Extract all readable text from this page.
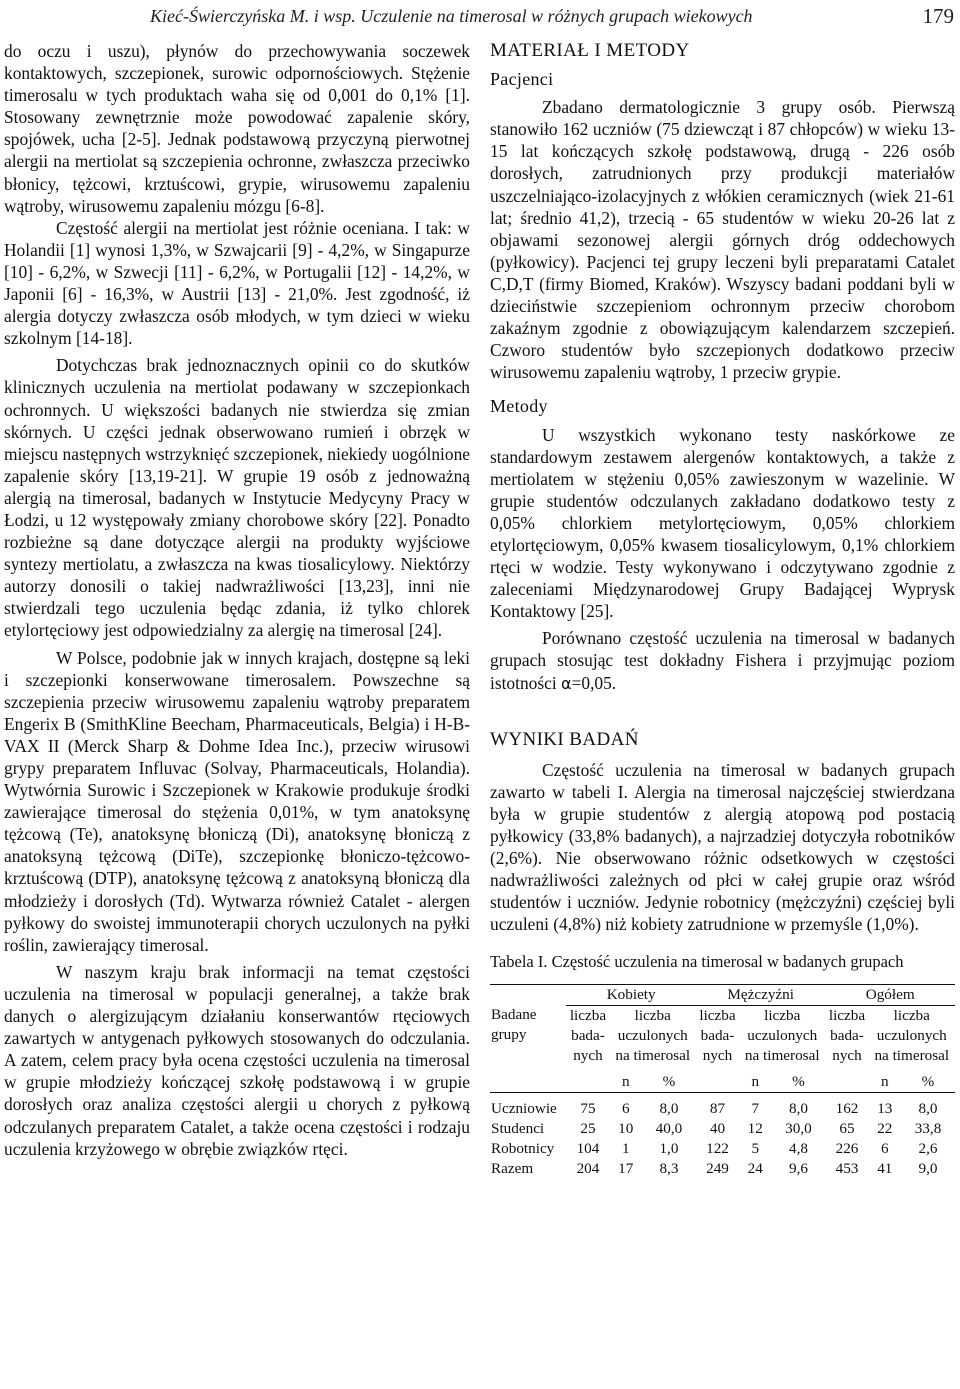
Kieć-Świerczyńska M. i wsp. Uczulenie na timerosal w różnych grupach wiekowych	179

do oczu i uszu), płynów do przechowywania soczewek kontaktowych, szczepionek, surowic odpornościowych. Stężenie timerosalu w tych produktach waha się od 0,001 do 0,1% [1]. Stosowany zewnętrznie może powodować zapalenie skóry, spojówek, ucha [2-5]. Jednak podstawową przyczyną pierwotnej alergii na mertiolat są szczepienia ochronne, zwłaszcza przeciwko błonicy, tężcowi, krztuścowi, grypie, wirusowemu zapaleniu wątroby, wirusowemu zapaleniu mózgu [6-8].

Częstość alergii na mertiolat jest różnie oceniana. I tak: w Holandii [1] wynosi 1,3%, w Szwajcarii [9] - 4,2%, w Singapurze [10] - 6,2%, w Szwecji [11] - 6,2%, w Portugalii [12] - 14,2%, w Japonii [6] - 16,3%, w Austrii [13] - 21,0%. Jest zgodność, iż alergia dotyczy zwłaszcza osób młodych, w tym dzieci w wieku szkolnym [14-18].

Dotychczas brak jednoznacznych opinii co do skutków klinicznych uczulenia na mertiolat podawany w szczepionkach ochronnych. U większości badanych nie stwierdza się zmian skórnych. U części jednak obserwowano rumień i obrzęk w miejscu następnych wstrzyknięć szczepionek, niekiedy uogólnione zapalenie skóry [13,19-21]. W grupie 19 osób z jednoważną alergią na timerosal, badanych w Instytucie Medycyny Pracy w Łodzi, u 12 występowały zmiany chorobowe skóry [22]. Ponadto rozbieżne są dane dotyczące alergii na produkty wyjściowe syntezy mertiolatu, a zwłaszcza na kwas tiosalicylowy. Niektórzy autorzy donosili o takiej nadwrażliwości [13,23], inni nie stwierdzali tego uczulenia będąc zdania, iż tylko chlorek etylortęciowy jest odpowiedzialny za alergię na timerosal [24].

W Polsce, podobnie jak w innych krajach, dostępne są leki i szczepionki konserwowane timerosalem. Powszechne są szczepienia przeciw wirusowemu zapaleniu wątroby preparatem Engerix B (SmithKline Beecham, Pharmaceuticals, Belgia) i H-B-VAX II (Merck Sharp & Dohme Idea Inc.), przeciw wirusowi grypy preparatem Influvac (Solvay, Pharmaceuticals, Holandia). Wytwórnia Surowic i Szczepionek w Krakowie produkuje środki zawierające timerosal do stężenia 0,01%, w tym anatoksynę tężcową (Te), anatoksynę błoniczą (Di), anatoksynę błoniczą z anatoksyną tężcową (DiTe), szczepionkę błoniczo-tężcowo-krztuścową (DTP), anatoksynę tężcową z anatoksyną błoniczą dla młodzieży i dorosłych (Td). Wytwarza również Catalet - alergen pyłkowy do swoistej immunoterapii chorych uczulonych na pyłki roślin, zawierający timerosal.

W naszym kraju brak informacji na temat częstości uczulenia na timerosal w populacji generalnej, a także brak danych o alergizującym działaniu konserwantów rtęciowych zawartych w antygenach pyłkowych stosowanych do odczulania. A zatem, celem pracy była ocena częstości uczulenia na timerosal w grupie młodzieży kończącej szkołę podstawową i w grupie dorosłych oraz analiza częstości alergii u chorych z pyłkową odczulanych preparatem Catalet, a także ocena częstości i rodzaju uczulenia krzyżowego w obrębie związków rtęci.

MATERIAŁ I METODY
Pacjenci

Zbadano dermatologicznie 3 grupy osób. Pierwszą stanowiło 162 uczniów (75 dziewcząt i 87 chłopców) w wieku 13-15 lat kończących szkołę podstawową, drugą - 226 osób dorosłych, zatrudnionych przy produkcji materiałów uszczelniająco-izolacyjnych z włókien ceramicznych (wiek 21-61 lat; średnio 41,2), trzecią - 65 studentów w wieku 20-26 lat z objawami sezonowej alergii górnych dróg oddechowych (pyłkowicy). Pacjenci tej grupy leczeni byli preparatami Catalet C,D,T (firmy Biomed, Kraków). Wszyscy badani poddani byli w dzieciństwie szczepieniom ochronnym przeciw chorobom zakaźnym zgodnie z obowiązującym kalendarzem szczepień. Czworo studentów było szczepionych dodatkowo przeciw wirusowemu zapaleniu wątroby, 1 przeciw grypie.

Metody

U wszystkich wykonano testy naskórkowe ze standardowym zestawem alergenów kontaktowych, a także z mertiolatem w stężeniu 0,05% zawieszonym w wazelinie. W grupie studentów odczulanych zakładano dodatkowo testy z 0,05% chlorkiem metylortęciowym, 0,05% chlorkiem etylortęciowym, 0,05% kwasem tiosalicylowym, 0,1% chlorkiem rtęci w wodzie. Testy wykonywano i odczytywano zgodnie z zaleceniami Międzynarodowej Grupy Badającej Wyprysk Kontaktowy [25].

Porównano częstość uczulenia na timerosal w badanych grupach stosując test dokładny Fishera i przyjmując poziom istotności α=0,05.

WYNIKI BADAŃ

Częstość uczulenia na timerosal w badanych grupach zawarto w tabeli I. Alergia na timerosal najczęściej stwierdzana była w grupie studentów z alergią atopową pod postacią pyłkowicy (33,8% badanych), a najrzadziej dotyczyła robotników (2,6%). Nie obserwowano różnic odsetkowych w częstości nadwrażliwości zależnych od płci w całej grupie oraz wśród studentów i uczniów. Jedynie robotnicy (mężczyźni) częściej byli uczuleni (4,8%) niż kobiety zatrudnione w przemyśle (1,0%).

Tabela I. Częstość uczulenia na timerosal w badanych grupach
	Kobiety			Mężczyźni			Ogółem		
Badane
grupy	liczba
bada-
nych	liczba
uczulonych
na timerosal		liczba
bada-
nych	liczba
uczulonych
na timerosal		liczba
bada-
nych	liczba
uczulonych
na timerosal	
		n	%		n	%		n	%
Uczniowie	75	6	8,0	87	7	8,0	162	13	8,0
Studenci	25	10	40,0	40	12	30,0	65	22	33,8
Robotnicy	104	1	1,0	122	5	4,8	226	6	2,6
Razem	204	17	8,3	249	24	9,6	453	41	9,0
